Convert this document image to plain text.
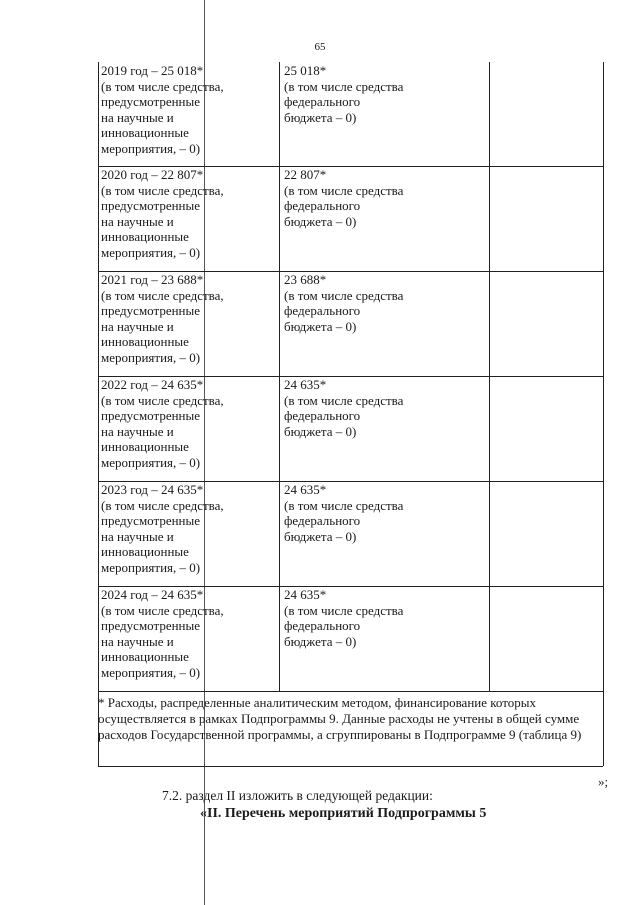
65
2019 год – 25 018*
(в том числе средства,
предусмотренные
на научные и
инновационные
мероприятия, – 0)
25 018*
(в том числе средства
федерального
бюджета – 0)
2020 год – 22 807*
(в том числе средства,
предусмотренные
на научные и
инновационные
мероприятия, – 0)
22 807*
(в том числе средства
федерального
бюджета – 0)
2021 год – 23 688*
(в том числе средства,
предусмотренные
на научные и
инновационные
мероприятия, – 0)
23 688*
(в том числе средства
федерального
бюджета – 0)
2022 год – 24 635*
(в том числе средства,
предусмотренные
на научные и
инновационные
мероприятия, – 0)
24 635*
(в том числе средства
федерального
бюджета – 0)
2023 год – 24 635*
(в том числе средства,
предусмотренные
на научные и
инновационные
мероприятия, – 0)
24 635*
(в том числе средства
федерального
бюджета – 0)
2024 год – 24 635*
(в том числе средства,
предусмотренные
на научные и
инновационные
мероприятия, – 0)
24 635*
(в том числе средства
федерального
бюджета – 0)
* Расходы, распределенные аналитическим методом, финансирование которых осуществляется в рамках Подпрограммы 9. Данные расходы не учтены в общей сумме расходов Государственной программы, а сгруппированы в Подпрограмме 9 (таблица 9)
»;
7.2. раздел II изложить в следующей редакции:
«II. Перечень мероприятий Подпрограммы 5
